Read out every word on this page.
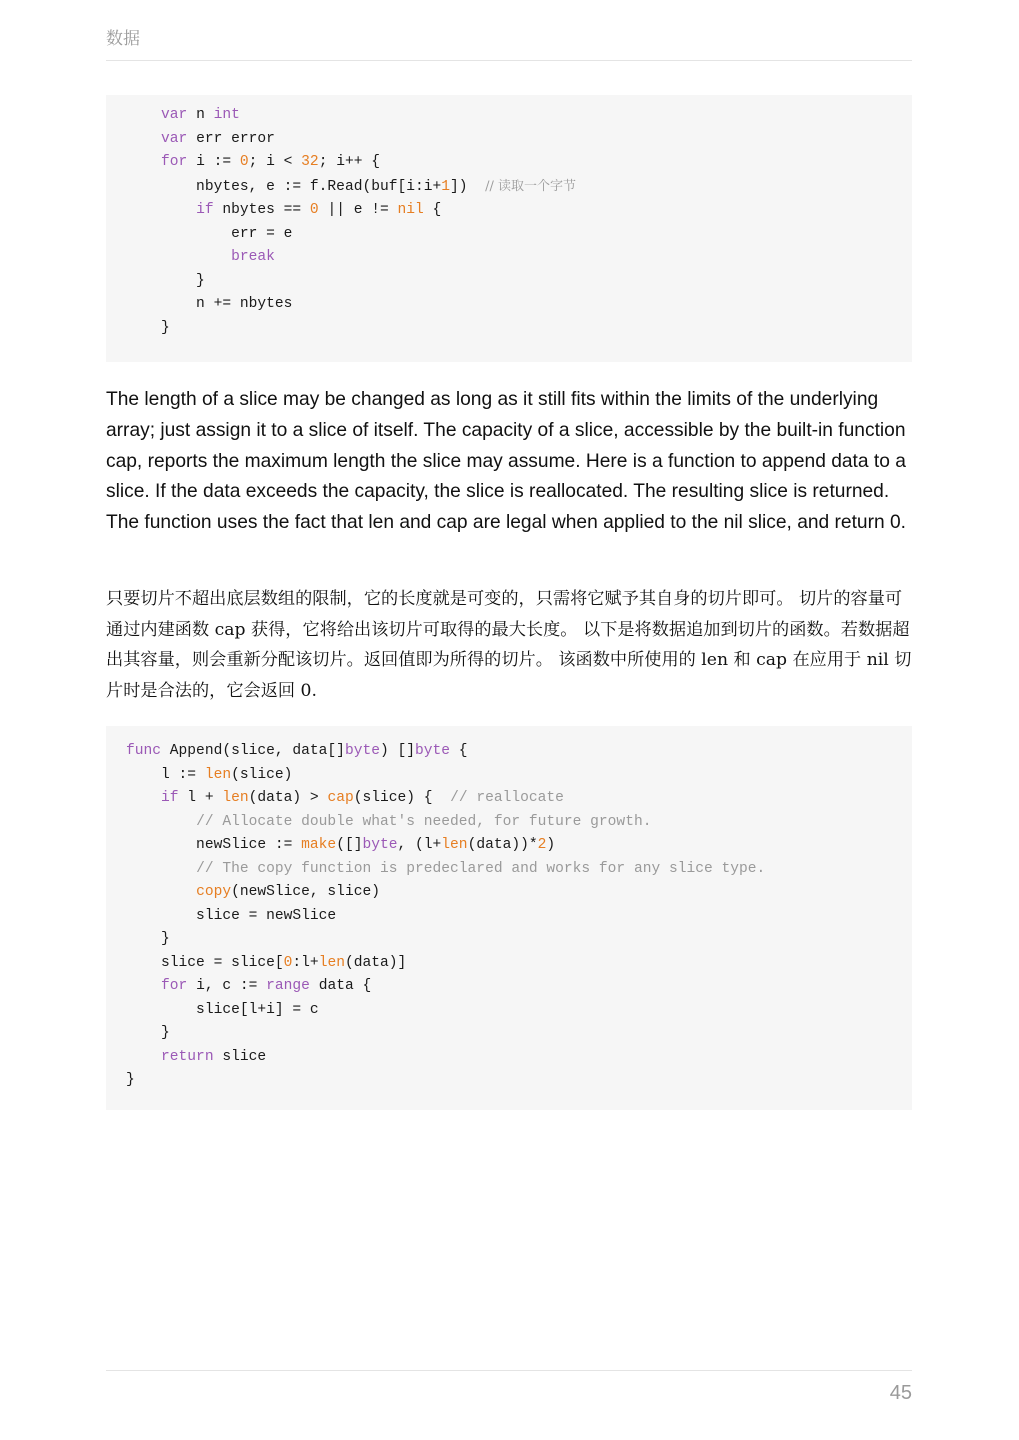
数据
var n int
var err error
for i := 0; i < 32; i++ {
nbytes, e := f.Read(buf[i:i+1])  // 读取一个字节
if nbytes == 0 || e != nil {
err = e
break
}
n += nbytes
}

The length of a slice may be changed as long as it still fits within the limits of the underlying array; just assign it to a slice of itself. The capacity of a slice, accessible by the built-in function cap, reports the maximum length the slice may assume. Here is a function to append data to a slice. If the data exceeds the capacity, the slice is reallocated. The resulting slice is returned. The function uses the fact that len and cap are legal when applied to the nil slice, and return 0.

只要切片不超出底层数组的限制，它的长度就是可变的，只需将它赋予其自身的切片即可。 切片的容量可通过内建函数 cap 获得，它将给出该切片可取得的最大长度。 以下是将数据追加到切片的函数。若数据超出其容量，则会重新分配该切片。返回值即为所得的切片。 该函数中所使用的 len 和 cap 在应用于 nil 切片时是合法的，它会返回 0.

func Append(slice, data[]byte) []byte {
l := len(slice)
if l + len(data) > cap(slice) {  // reallocate
// Allocate double what's needed, for future growth.
newSlice := make([]byte, (l+len(data))*2)
// The copy function is predeclared and works for any slice type.
copy(newSlice, slice)
slice = newSlice
}
slice = slice[0:l+len(data)]
for i, c := range data {
slice[l+i] = c
}
return slice
}
45
